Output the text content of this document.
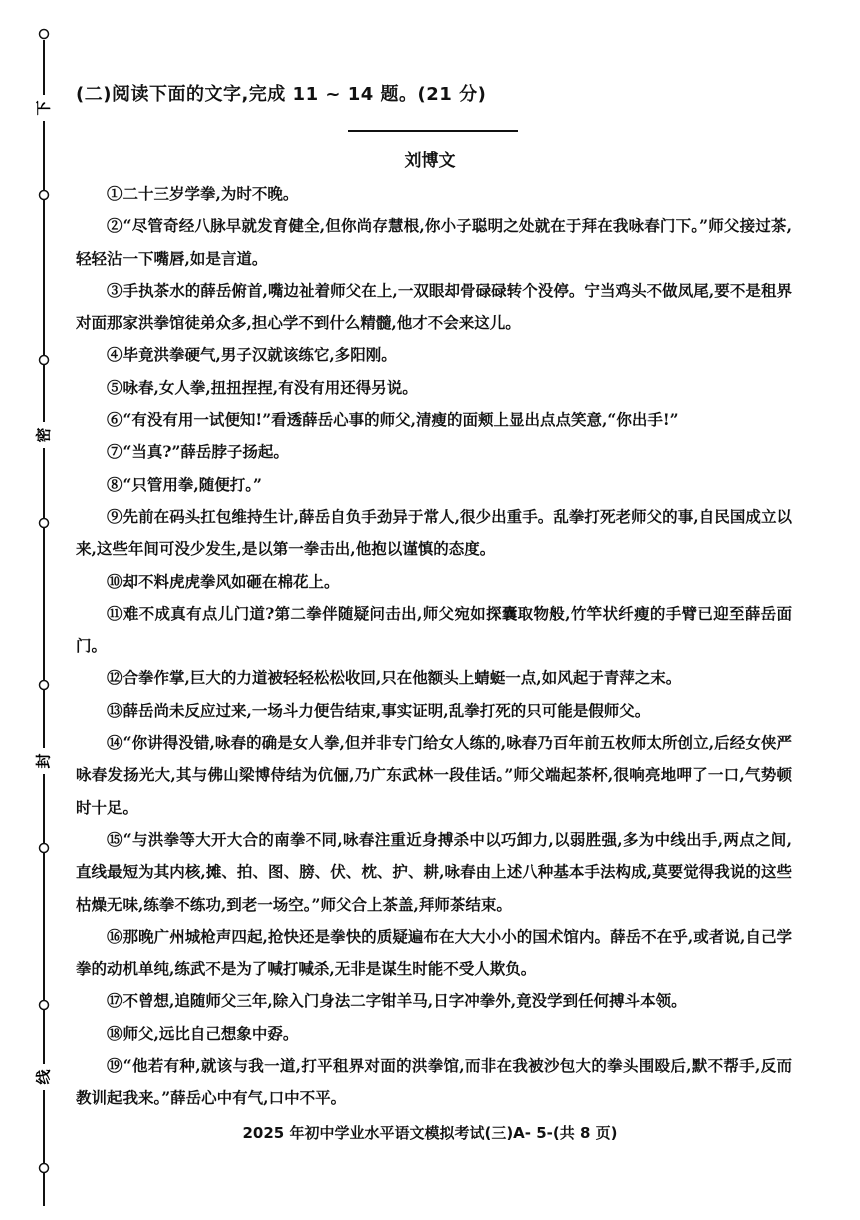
下
密
封
线
(二)阅读下面的文字,完成 11 ~ 14 题。(21 分)
刘博文

①二十三岁学拳,为时不晚。

②“尽管奇经八脉早就发育健全,但你尚存慧根,你小子聪明之处就在于拜在我咏春门下。”师父接过茶,轻轻沾一下嘴唇,如是言道。

③手执茶水的薛岳俯首,嘴边祉着师父在上,一双眼却骨碌碌转个没停。宁当鸡头不做凤尾,要不是租界对面那家洪拳馆徒弟众多,担心学不到什么精髓,他才不会来这儿。

④毕竟洪拳硬气,男子汉就该练它,多阳刚。

⑤咏春,女人拳,扭扭捏捏,有没有用还得另说。

⑥“有没有用一试便知!”看透薛岳心事的师父,清瘦的面颊上显出点点笑意,“你出手!”

⑦“当真?”薛岳脖子扬起。

⑧“只管用拳,随便打。”

⑨先前在码头扛包维持生计,薛岳自负手劲异于常人,很少出重手。乱拳打死老师父的事,自民国成立以来,这些年间可没少发生,是以第一拳击出,他抱以谨慎的态度。

⑩却不料虎虎拳风如砸在棉花上。

⑪难不成真有点儿门道?第二拳伴随疑问击出,师父宛如探囊取物般,竹竿状纤瘦的手臂已迎至薛岳面门。

⑫合拳作掌,巨大的力道被轻轻松松收回,只在他额头上蜻蜓一点,如风起于青萍之末。

⑬薛岳尚未反应过来,一场斗力便告结束,事实证明,乱拳打死的只可能是假师父。

⑭“你讲得没错,咏春的确是女人拳,但并非专门给女人练的,咏春乃百年前五枚师太所创立,后经女侠严咏春发扬光大,其与佛山梁博侍结为伉俪,乃广东武林一段佳话。”师父端起茶杯,很响亮地呷了一口,气势顿时十足。

⑮“与洪拳等大开大合的南拳不同,咏春注重近身搏杀中以巧卸力,以弱胜强,多为中线出手,两点之间,直线最短为其内核,摊、拍、图、膀、伏、枕、护、耕,咏春由上述八种基本手法构成,莫要觉得我说的这些枯燥无味,练拳不练功,到老一场空。”师父合上茶盖,拜师茶结束。

⑯那晚广州城枪声四起,抢快还是拳快的质疑遍布在大大小小的国术馆内。薛岳不在乎,或者说,自己学拳的动机单纯,练武不是为了喊打喊杀,无非是谋生时能不受人欺负。

⑰不曾想,追随师父三年,除入门身法二字钳羊马,日字冲拳外,竟没学到任何搏斗本领。

⑱师父,远比自己想象中孬。

⑲“他若有种,就该与我一道,打平租界对面的洪拳馆,而非在我被沙包大的拳头围殴后,默不帮手,反而教训起我来。”薛岳心中有气,口中不平。

2025 年初中学业水平语文模拟考试(三)A- 5-(共 8 页)
